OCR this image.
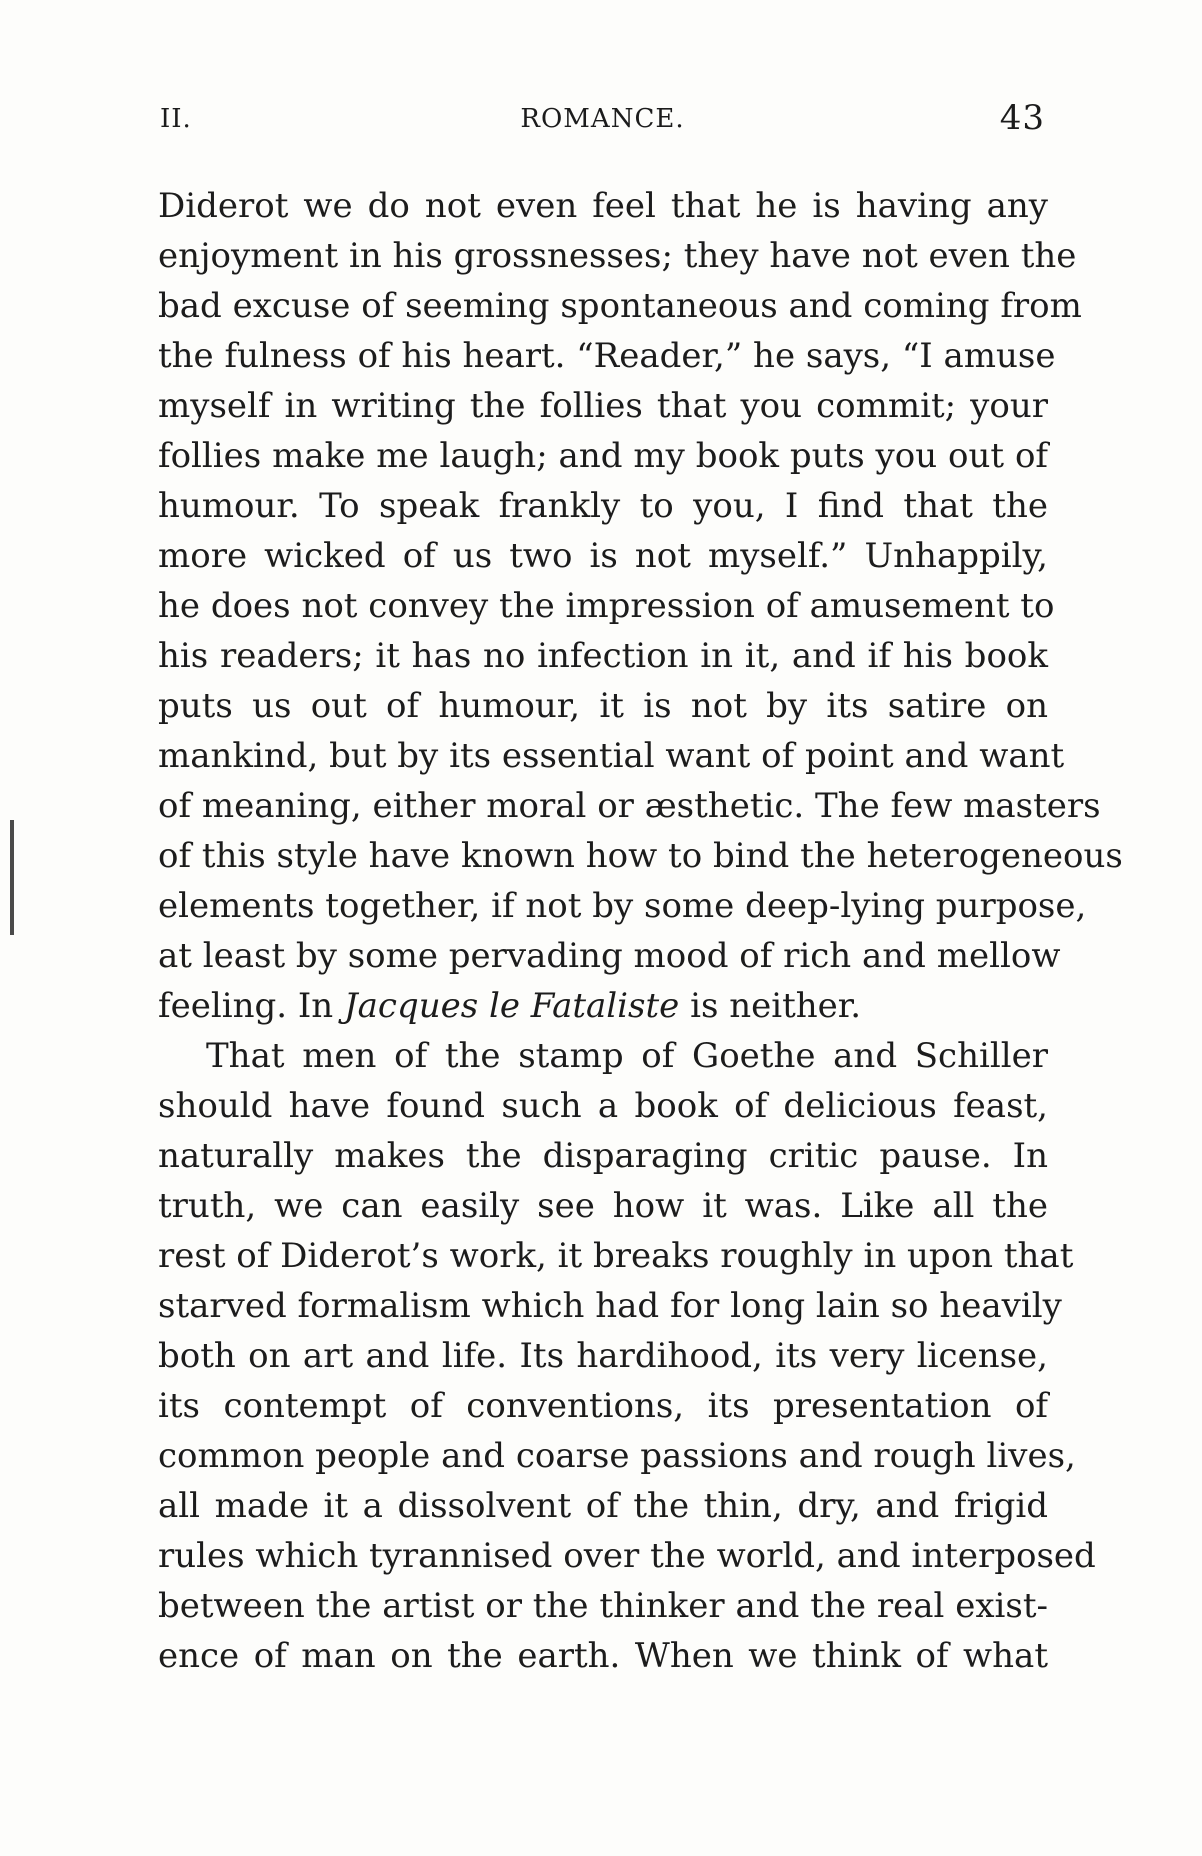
II.	ROMANCE.	43
Diderot we do not even feel that he is having any
enjoyment in his grossnesses; they have not even the
bad excuse of seeming spontaneous and coming from
the fulness of his heart. “Reader,” he says, “I amuse
myself in writing the follies that you commit; your
follies make me laugh; and my book puts you out of
humour. To speak frankly to you, I find that the
more wicked of us two is not myself.” Unhappily,
he does not convey the impression of amusement to
his readers; it has no infection in it, and if his book
puts us out of humour, it is not by its satire on
mankind, but by its essential want of point and want
of meaning, either moral or æsthetic. The few masters
of this style have known how to bind the heterogeneous
elements together, if not by some deep-lying purpose,
at least by some pervading mood of rich and mellow
feeling. In Jacques le Fataliste is neither.
That men of the stamp of Goethe and Schiller
should have found such a book of delicious feast,
naturally makes the disparaging critic pause. In
truth, we can easily see how it was. Like all the
rest of Diderot’s work, it breaks roughly in upon that
starved formalism which had for long lain so heavily
both on art and life. Its hardihood, its very license,
its contempt of conventions, its presentation of
common people and coarse passions and rough lives,
all made it a dissolvent of the thin, dry, and frigid
rules which tyrannised over the world, and interposed
between the artist or the thinker and the real exist-
ence of man on the earth. When we think of what
